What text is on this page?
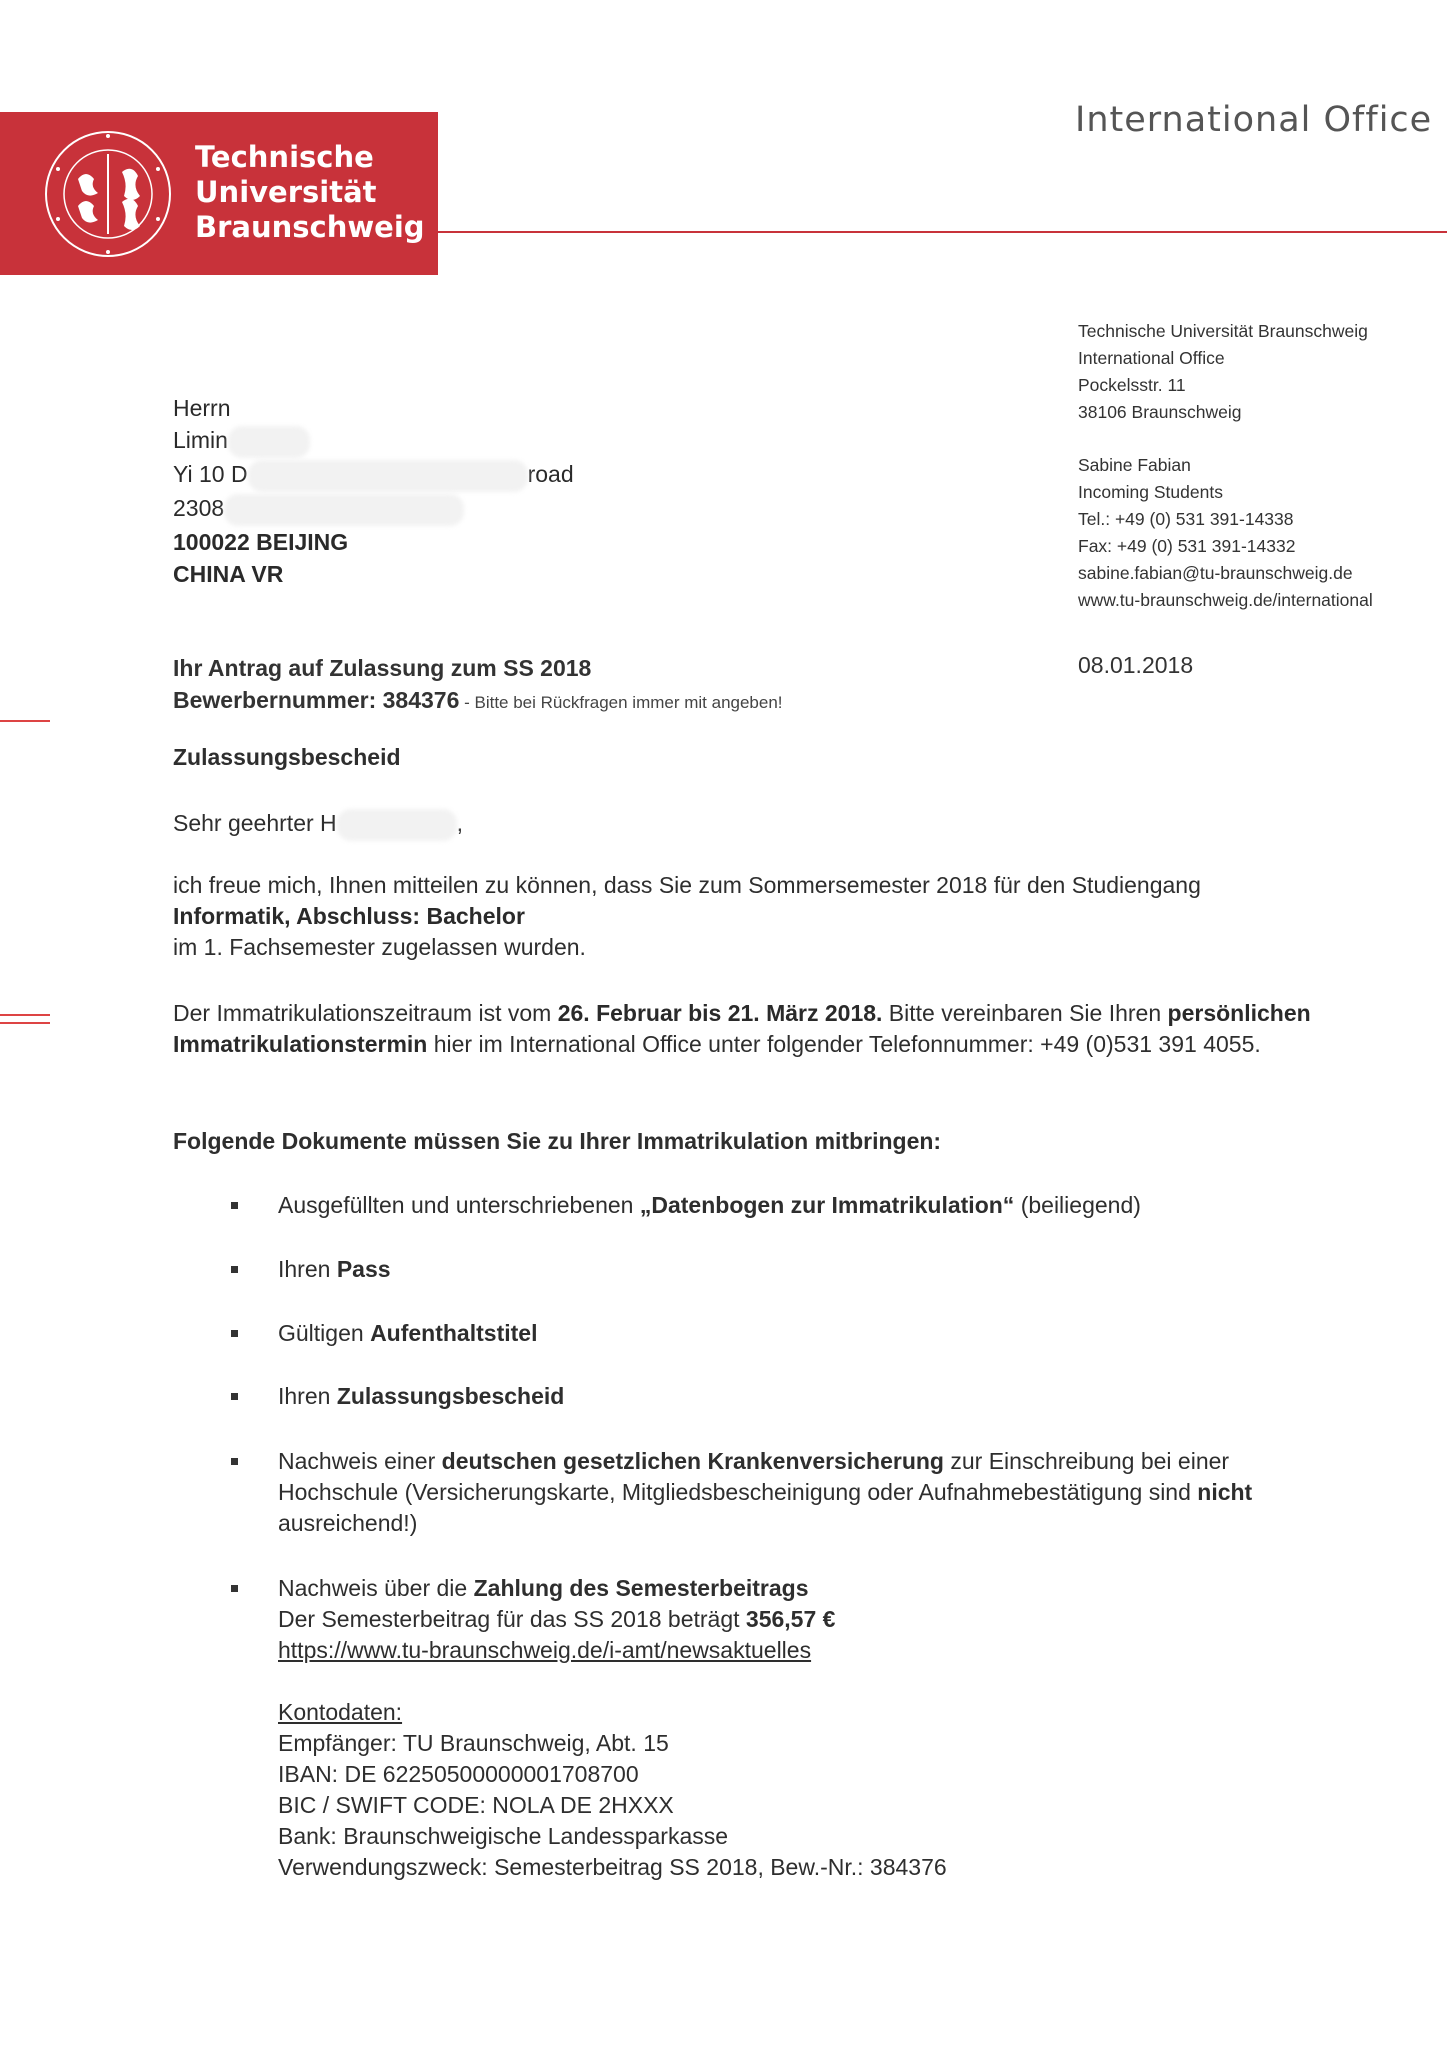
Technische
Universität
Braunschweig
International Office
Technische Universität Braunschweig
International Office
Pockelsstr. 11
38106 Braunschweig
Sabine Fabian
Incoming Students
Tel.: +49 (0) 531 391-14338
Fax: +49 (0) 531 391-14332
sabine.fabian@tu-braunschweig.de
www.tu-braunschweig.de/international
Herrn
Limin
Yi 10 D	road
2308
100022 BEIJING
CHINA VR
Ihr Antrag auf Zulassung zum SS 2018
Bewerbernummer: 384376 - Bitte bei Rückfragen immer mit angeben!
08.01.2018
Zulassungsbescheid
Sehr geehrter H	,
ich freue mich, Ihnen mitteilen zu können, dass Sie zum Sommersemester 2018 für den Studiengang
Informatik, Abschluss: Bachelor
im 1. Fachsemester zugelassen wurden.
Der Immatrikulationszeitraum ist vom 26. Februar bis 21. März 2018. Bitte vereinbaren Sie Ihren persönlichen Immatrikulationstermin hier im International Office unter folgender Telefonnummer: +49 (0)531 391 4055.
Folgende Dokumente müssen Sie zu Ihrer Immatrikulation mitbringen:
Ausgefüllten und unterschriebenen „Datenbogen zur Immatrikulation“ (beiliegend)
Ihren Pass
Gültigen Aufenthaltstitel
Ihren Zulassungsbescheid
Nachweis einer deutschen gesetzlichen Krankenversicherung zur Einschreibung bei einer Hochschule (Versicherungskarte, Mitgliedsbescheinigung oder Aufnahmebestätigung sind nicht ausreichend!)
Nachweis über die Zahlung des Semesterbeitrags
Der Semesterbeitrag für das SS 2018 beträgt 356,57 €
https://www.tu-braunschweig.de/i-amt/newsaktuelles
Kontodaten:
Empfänger: TU Braunschweig, Abt. 15
IBAN: DE 62250500000001708700
BIC / SWIFT CODE: NOLA DE 2HXXX
Bank: Braunschweigische Landessparkasse
Verwendungszweck: Semesterbeitrag SS 2018, Bew.-Nr.: 384376
